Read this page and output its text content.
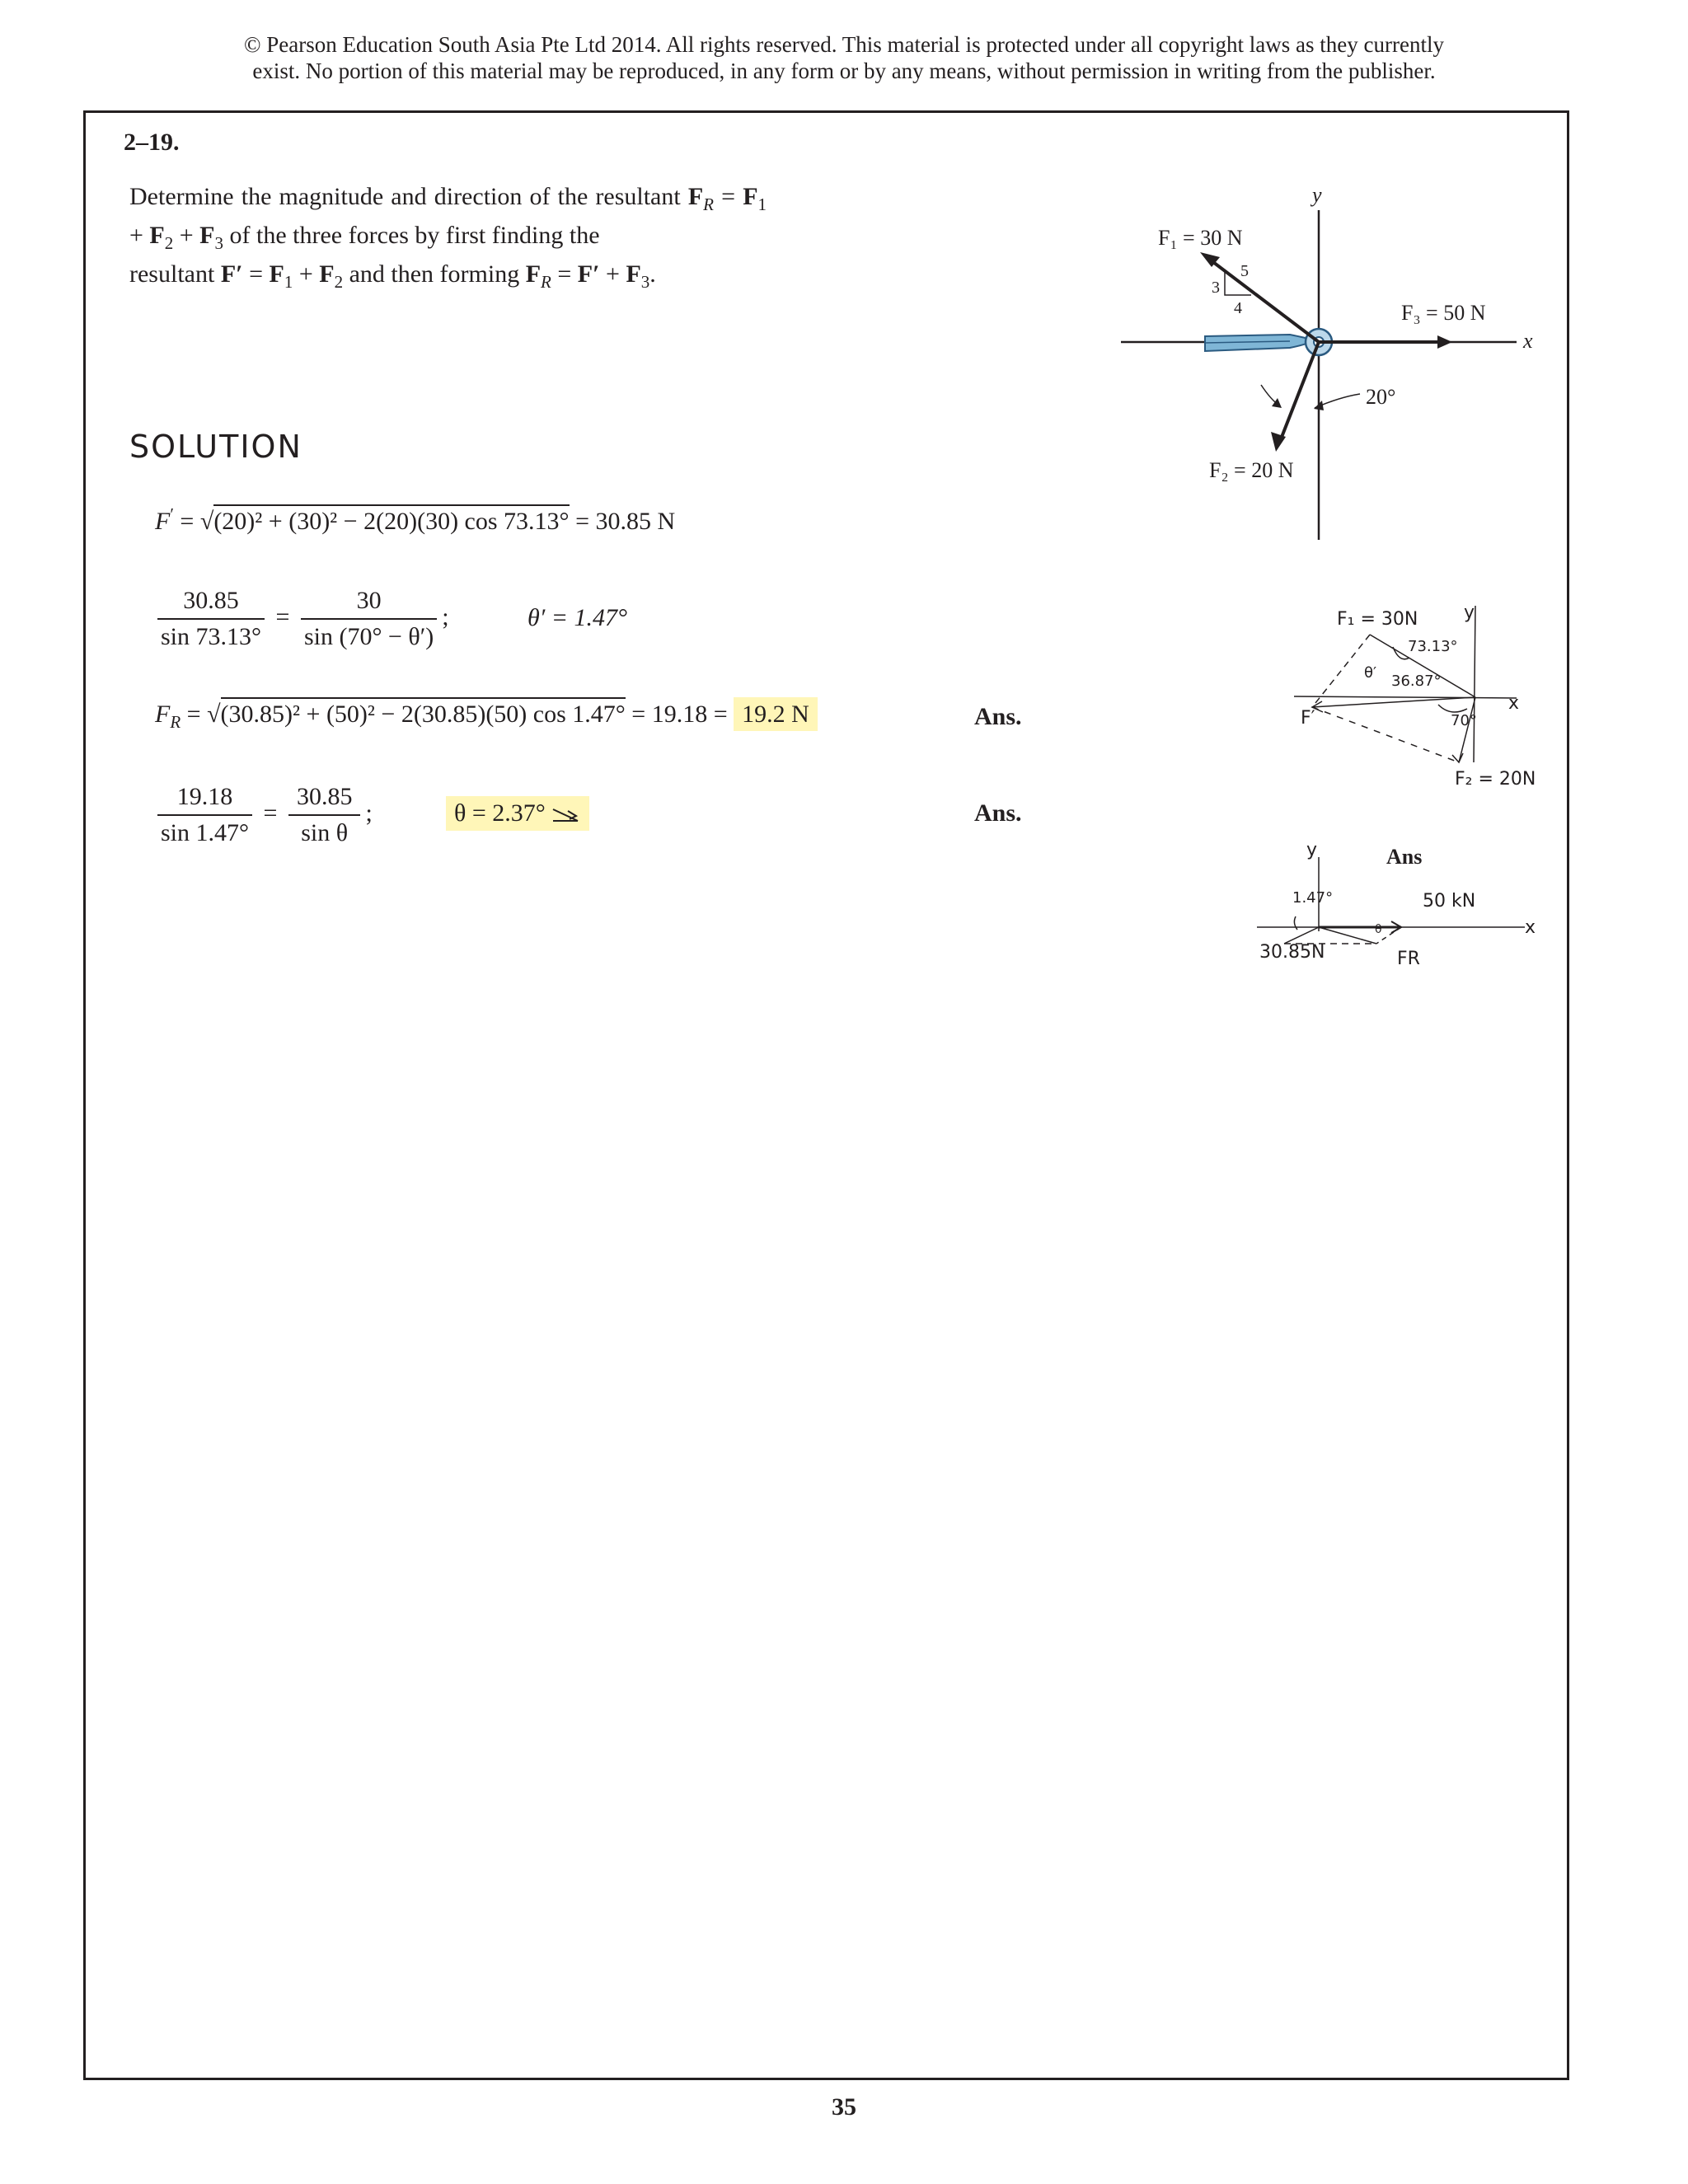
© Pearson Education South Asia Pte Ltd 2014. All rights reserved. This material is protected under all copyright laws as they currently
exist. No portion of this material may be reproduced, in any form or by any means, without permission in writing from the publisher.
2–19.
Determine the magnitude and direction of the resultant $F_R = F_1 + F_2 + F_3$ of the three forces by first finding the
resultant $F' = F_1 + F_2$ and then forming $F_R = F' + F_3$.
SOLUTION
F′ = √(20)² + (30)² − 2(20)(30) cos 73.13° = 30.85 N
$\frac{30.85}{\sin 73.13^\circ} = \frac{30}{\sin (70^\circ - \theta')}$ ;	θ′ = 1.47°
$F_R = √(30.85)^2 + (50)^2 - 2(30.85)(50)$ cos 1.47° = 19.18 = 19.2 N	Ans.
$\frac{19.18}{\sin 1.47^\circ} = \frac{30.85}{\text{sin θ}}$ ;	θ = 2.37°	Ans.
y
x
5
3
4
F₁ = 30 N
F₂ = 20 N
F₃ = 50 N
20°
F₁ = 30N	y
73.13°
θ′ 36.87°
F′
x
70°
F₂ = 20N
y	Ans
1.47°	50 kN
x
30.85N
θ
FR
35
